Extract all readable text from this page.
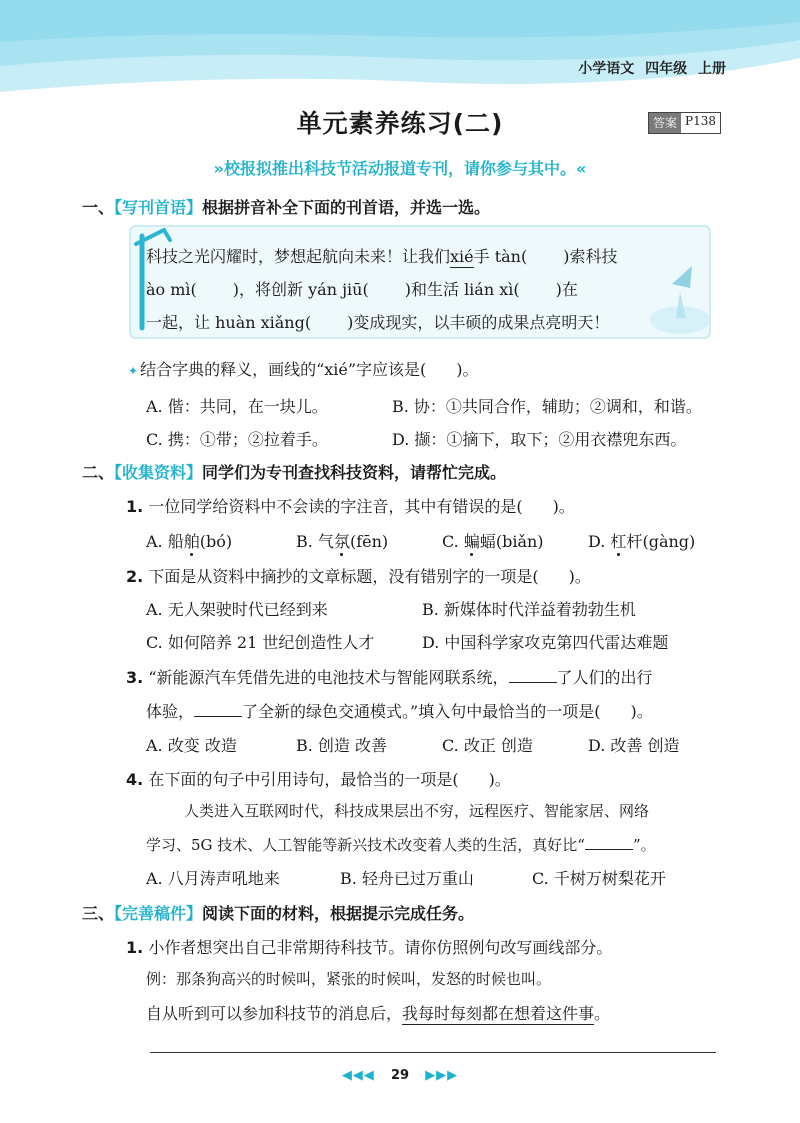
小学语文 四年级 上册
单元素养练习(二)	答案 P138
»校报拟推出科技节活动报道专刊，请你参与其中。«
一、【写刊首语】根据拼音补全下面的刊首语，并选一选。
科技之光闪耀时，梦想起航向未来！让我们xié手 tàn( )索科技
ào mì( )，将创新 yán jiū( )和生活 lián xì( )在
一起，让 huàn xiǎng( )变成现实，以丰硕的成果点亮明天！
✦ 结合字典的释义，画线的“xié”字应该是( )。
A. 偕：共同，在一块儿。	B. 协：①共同合作，辅助；②调和，和谐。
C. 携：①带；②拉着手。	D. 撷：①摘下，取下；②用衣襟兜东西。
二、【收集资料】同学们为专刊查找科技资料，请帮忙完成。
1. 一位同学给资料中不会读的字注音，其中有错误的是( )。
A. 船舶(bó)	B. 气氛(fēn)	C. 蝙蝠(biǎn)	D. 杠杆(gàng)
2. 下面是从资料中摘抄的文章标题，没有错别字的一项是( )。
A. 无人架驶时代已经到来	B. 新媒体时代洋益着勃勃生机
C. 如何陪养 21 世纪创造性人才	D. 中国科学家攻克第四代雷达难题
3. “新能源汽车凭借先进的电池技术与智能网联系统，	了人们的出行
体验，	了全新的绿色交通模式。”填入句中最恰当的一项是( )。
A. 改变 改造	B. 创造 改善	C. 改正 创造	D. 改善 创造
4. 在下面的句子中引用诗句，最恰当的一项是( )。
人类进入互联网时代，科技成果层出不穷，远程医疗、智能家居、网络
学习、5G 技术、人工智能等新兴技术改变着人类的生活，真好比“	”。
A. 八月涛声吼地来	B. 轻舟已过万重山	C. 千树万树梨花开
三、【完善稿件】阅读下面的材料，根据提示完成任务。
1. 小作者想突出自己非常期待科技节。请你仿照例句改写画线部分。
例：那条狗高兴的时候叫，紧张的时候叫，发怒的时候也叫。
自从听到可以参加科技节的消息后，我每时每刻都在想着这件事。
◀◀◀ 29 ▶▶▶
